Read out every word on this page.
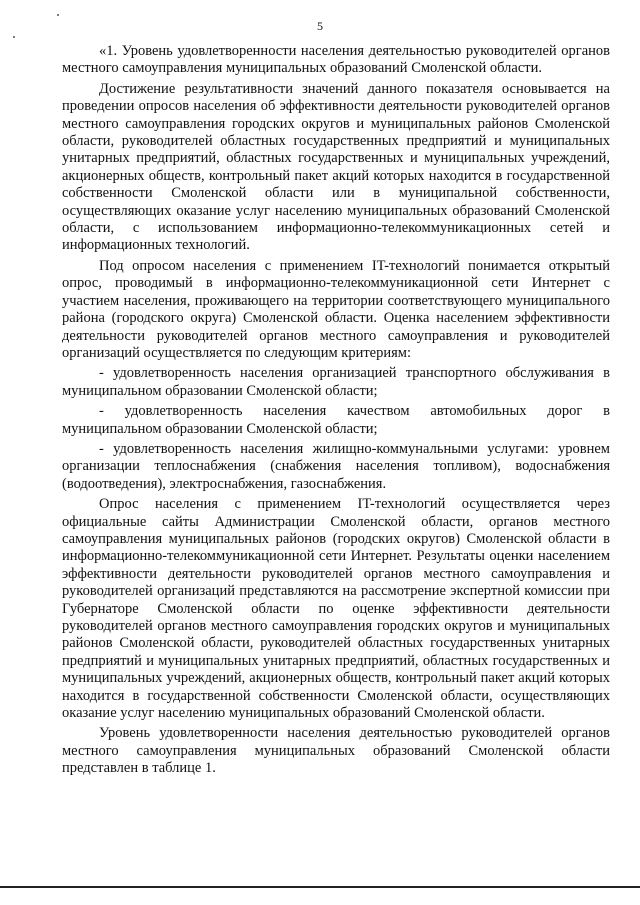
5

«1. Уровень удовлетворенности населения деятельностью руководителей органов местного самоуправления муниципальных образований Смоленской области.

Достижение результативности значений данного показателя основывается на проведении опросов населения об эффективности деятельности руководителей органов местного самоуправления городских округов и муниципальных районов Смоленской области, руководителей областных государственных предприятий и муниципальных унитарных предприятий, областных государственных и муниципальных учреждений, акционерных обществ, контрольный пакет акций которых находится в государственной собственности Смоленской области или в муниципальной собственности, осуществляющих оказание услуг населению муниципальных образований Смоленской области, с использованием информационно-телекоммуникационных сетей и информационных технологий.

Под опросом населения с применением IT-технологий понимается открытый опрос, проводимый в информационно-телекоммуникационной сети Интернет с участием населения, проживающего на территории соответствующего муниципального района (городского округа) Смоленской области. Оценка населением эффективности деятельности руководителей органов местного самоуправления и руководителей организаций осуществляется по следующим критериям:

- удовлетворенность населения организацией транспортного обслуживания в муниципальном образовании Смоленской области;

- удовлетворенность населения качеством автомобильных дорог в муниципальном образовании Смоленской области;

- удовлетворенность населения жилищно-коммунальными услугами: уровнем организации теплоснабжения (снабжения населения топливом), водоснабжения (водоотведения), электроснабжения, газоснабжения.

Опрос населения с применением IT-технологий осуществляется через официальные сайты Администрации Смоленской области, органов местного самоуправления муниципальных районов (городских округов) Смоленской области в информационно-телекоммуникационной сети Интернет. Результаты оценки населением эффективности деятельности руководителей органов местного самоуправления и руководителей организаций представляются на рассмотрение экспертной комиссии при Губернаторе Смоленской области по оценке эффективности деятельности руководителей органов местного самоуправления городских округов и муниципальных районов Смоленской области, руководителей областных государственных унитарных предприятий и муниципальных унитарных предприятий, областных государственных и муниципальных учреждений, акционерных обществ, контрольный пакет акций которых находится в государственной собственности Смоленской области, осуществляющих оказание услуг населению муниципальных образований Смоленской области.

Уровень удовлетворенности населения деятельностью руководителей органов местного самоуправления муниципальных образований Смоленской области представлен в таблице 1.
